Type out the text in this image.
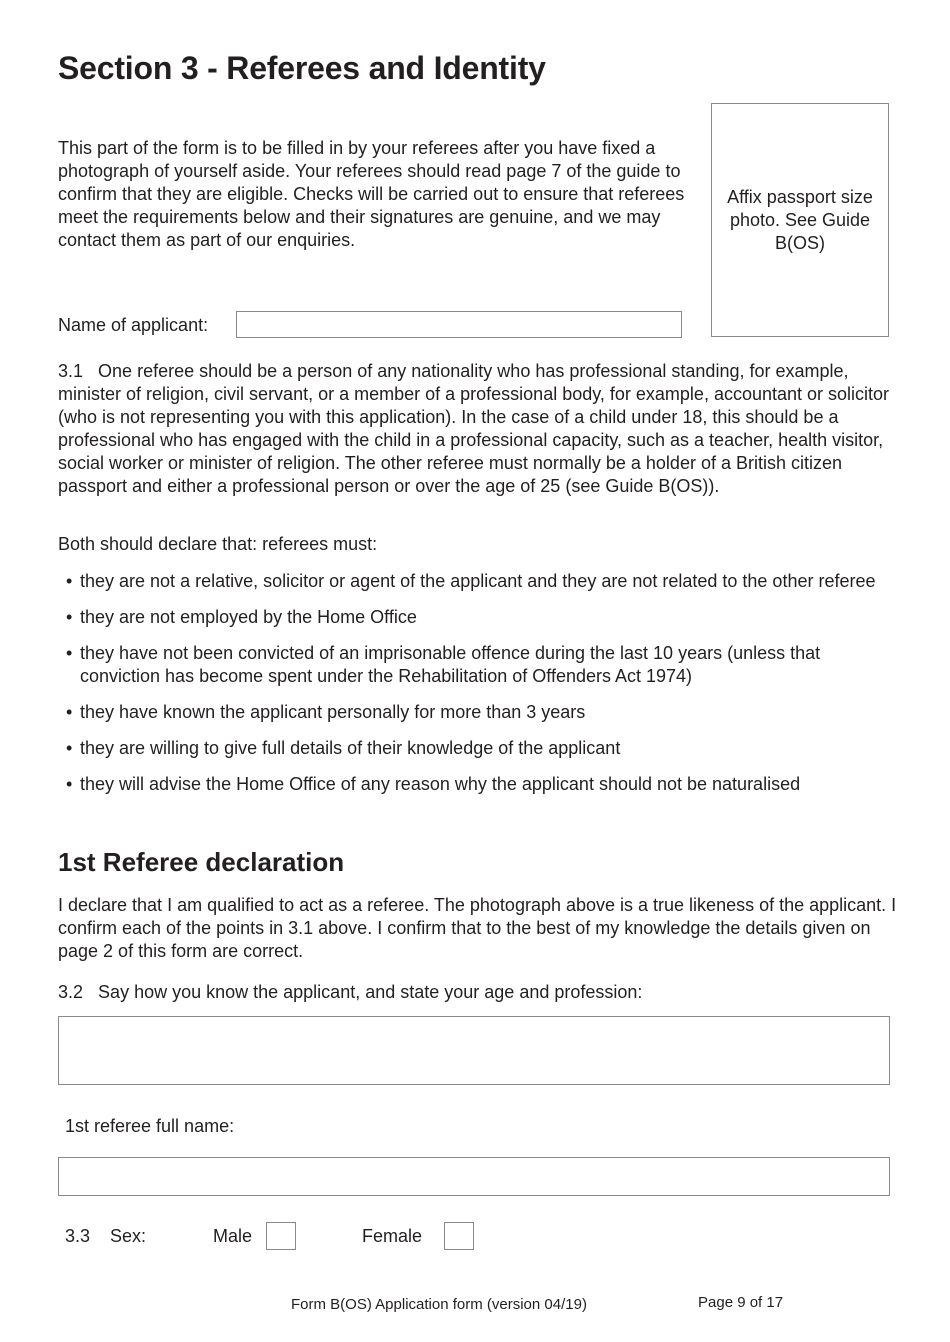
Section 3 - Referees and Identity

This part of the form is to be filled in by your referees after you have fixed a photograph of yourself aside. Your referees should read page 7 of the guide to confirm that they are eligible. Checks will be carried out to ensure that referees meet the requirements below and their signatures are genuine, and we may contact them as part of our enquiries.

Affix passport size photo. See Guide B(OS)
Name of applicant:
3.1 One referee should be a person of any nationality who has professional standing, for example, minister of religion, civil servant, or a member of a professional body, for example, accountant or solicitor (who is not representing you with this application). In the case of a child under 18, this should be a professional who has engaged with the child in a professional capacity, such as a teacher, health visitor, social worker or minister of religion. The other referee must normally be a holder of a British citizen passport and either a professional person or over the age of 25 (see Guide B(OS)).
Both should declare that: referees must:
• they are not a relative, solicitor or agent of the applicant and they are not related to the other referee
• they are not employed by the Home Office
• they have not been convicted of an imprisonable offence during the last 10 years (unless that conviction has become spent under the Rehabilitation of Offenders Act 1974)
• they have known the applicant personally for more than 3 years
• they are willing to give full details of their knowledge of the applicant
• they will advise the Home Office of any reason why the applicant should not be naturalised
1st Referee declaration
I declare that I am qualified to act as a referee. The photograph above is a true likeness of the applicant. I confirm each of the points in 3.1 above. I confirm that to the best of my knowledge the details given on page 2 of this form are correct.
3.2 Say how you know the applicant, and state your age and profession:
1st referee full name:
3.3 Sex:	Male	Female
Form B(OS) Application form (version 04/19)	Page 9 of 17
